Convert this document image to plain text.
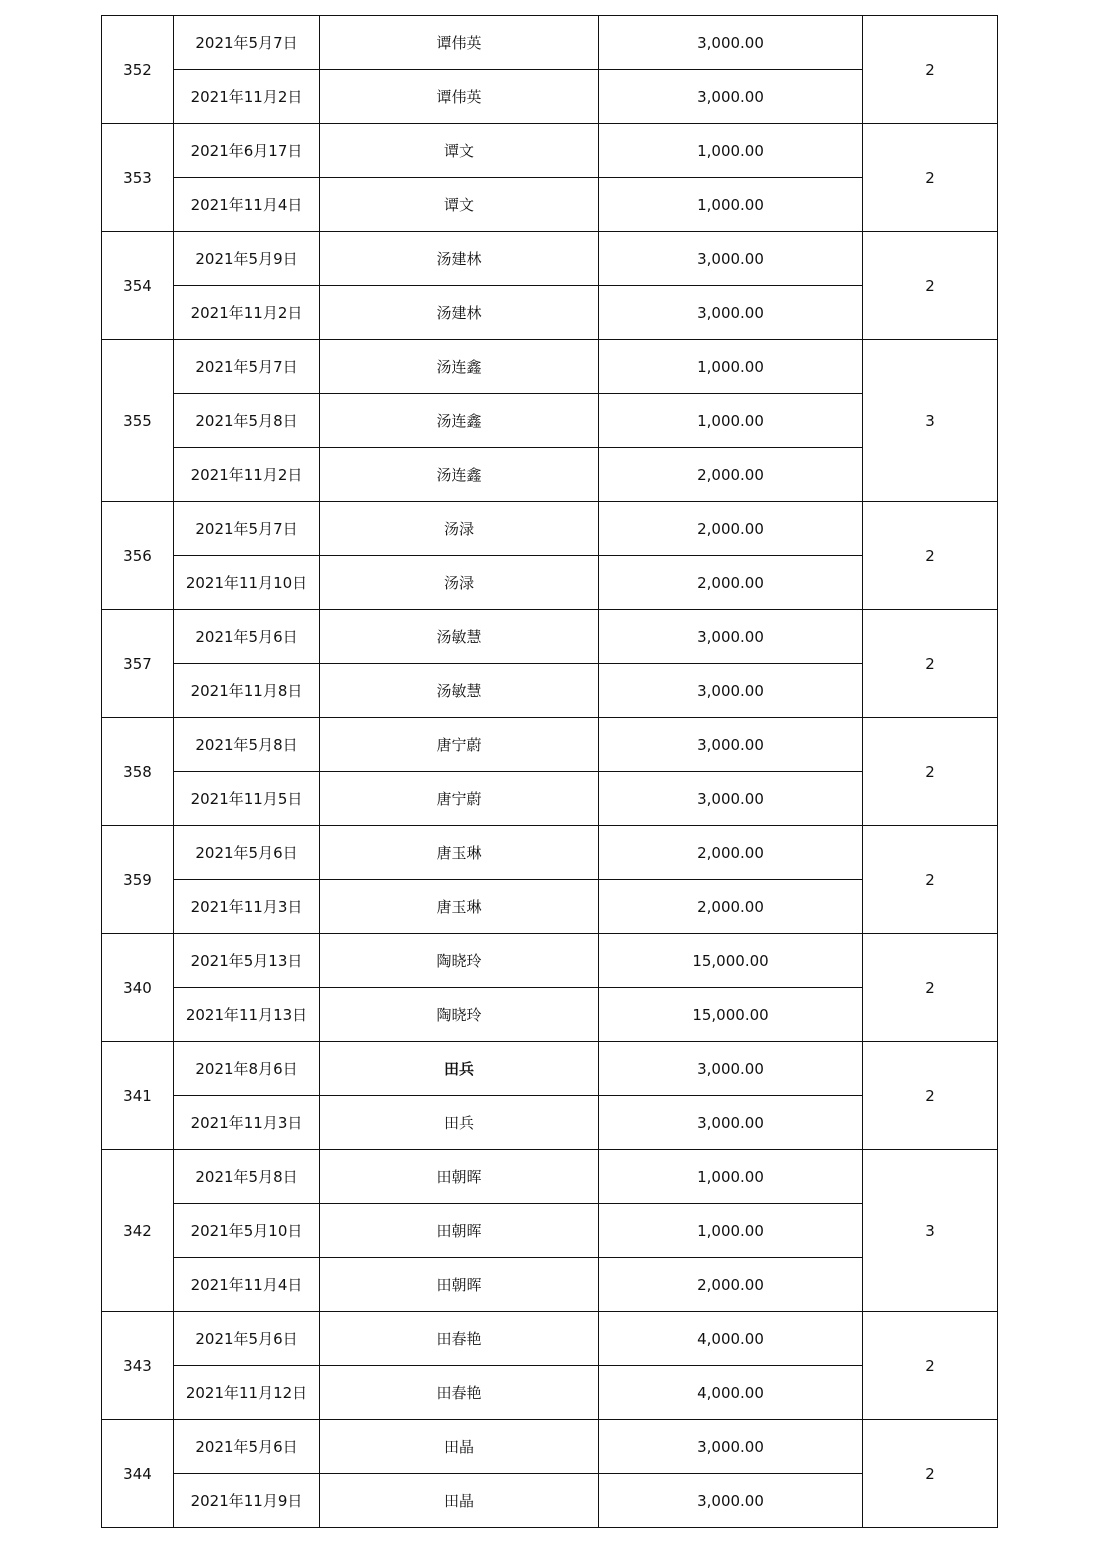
352	2021年5月7日	谭伟英	3,000.00	2
	2021年11月2日	谭伟英	3,000.00	
353	2021年6月17日	谭文	1,000.00	2
	2021年11月4日	谭文	1,000.00	
354	2021年5月9日	汤建林	3,000.00	2
	2021年11月2日	汤建林	3,000.00	
355	2021年5月7日	汤连鑫	1,000.00	3
	2021年5月8日	汤连鑫	1,000.00	
	2021年11月2日	汤连鑫	2,000.00	
356	2021年5月7日	汤渌	2,000.00	2
	2021年11月10日	汤渌	2,000.00	
357	2021年5月6日	汤敏慧	3,000.00	2
	2021年11月8日	汤敏慧	3,000.00	
358	2021年5月8日	唐宁蔚	3,000.00	2
	2021年11月5日	唐宁蔚	3,000.00	
359	2021年5月6日	唐玉琳	2,000.00	2
	2021年11月3日	唐玉琳	2,000.00	
340	2021年5月13日	陶晓玲	15,000.00	2
	2021年11月13日	陶晓玲	15,000.00	
341	2021年8月6日	田兵	3,000.00	2
	2021年11月3日	田兵	3,000.00	
342	2021年5月8日	田朝晖	1,000.00	3
	2021年5月10日	田朝晖	1,000.00	
	2021年11月4日	田朝晖	2,000.00	
343	2021年5月6日	田春艳	4,000.00	2
	2021年11月12日	田春艳	4,000.00	
344	2021年5月6日	田晶	3,000.00	2
	2021年11月9日	田晶	3,000.00	
